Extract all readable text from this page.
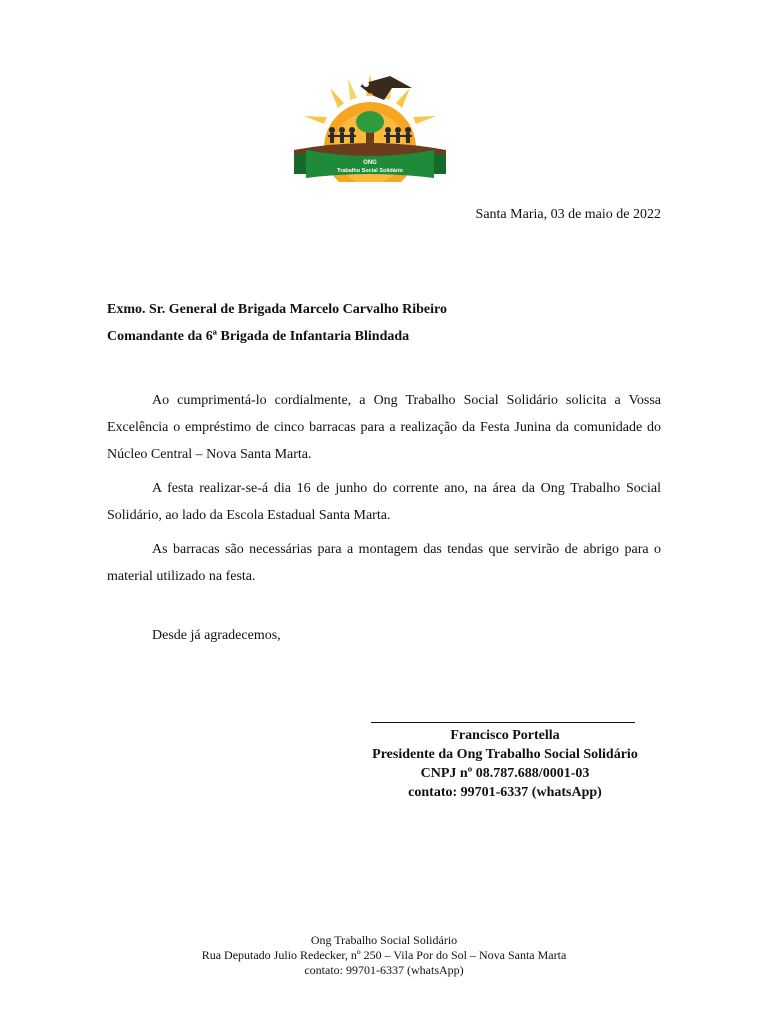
ONG
Trabalho Social Solidário
Santa Maria, 03 de maio de 2022
Exmo. Sr. General de Brigada Marcelo Carvalho Ribeiro
Comandante da 6ª Brigada de Infantaria Blindada

Ao cumprimentá-lo cordialmente, a Ong Trabalho Social Solidário solicita a Vossa Excelência o empréstimo de cinco barracas para a realização da Festa Junina da comunidade do Núcleo Central – Nova Santa Marta.

A festa realizar-se-á dia 16 de junho do corrente ano, na área da Ong Trabalho Social Solidário, ao lado da Escola Estadual Santa Marta.

As barracas são necessárias para a montagem das tendas que servirão de abrigo para o material utilizado na festa.

Desde já agradecemos,
Francisco Portella
Presidente da Ong Trabalho Social Solidário
CNPJ nº 08.787.688/0001-03
contato: 99701-6337 (whatsApp)
Ong Trabalho Social Solidário
Rua Deputado Julio Redecker, nº 250 – Vila Por do Sol – Nova Santa Marta
contato: 99701-6337 (whatsApp)
